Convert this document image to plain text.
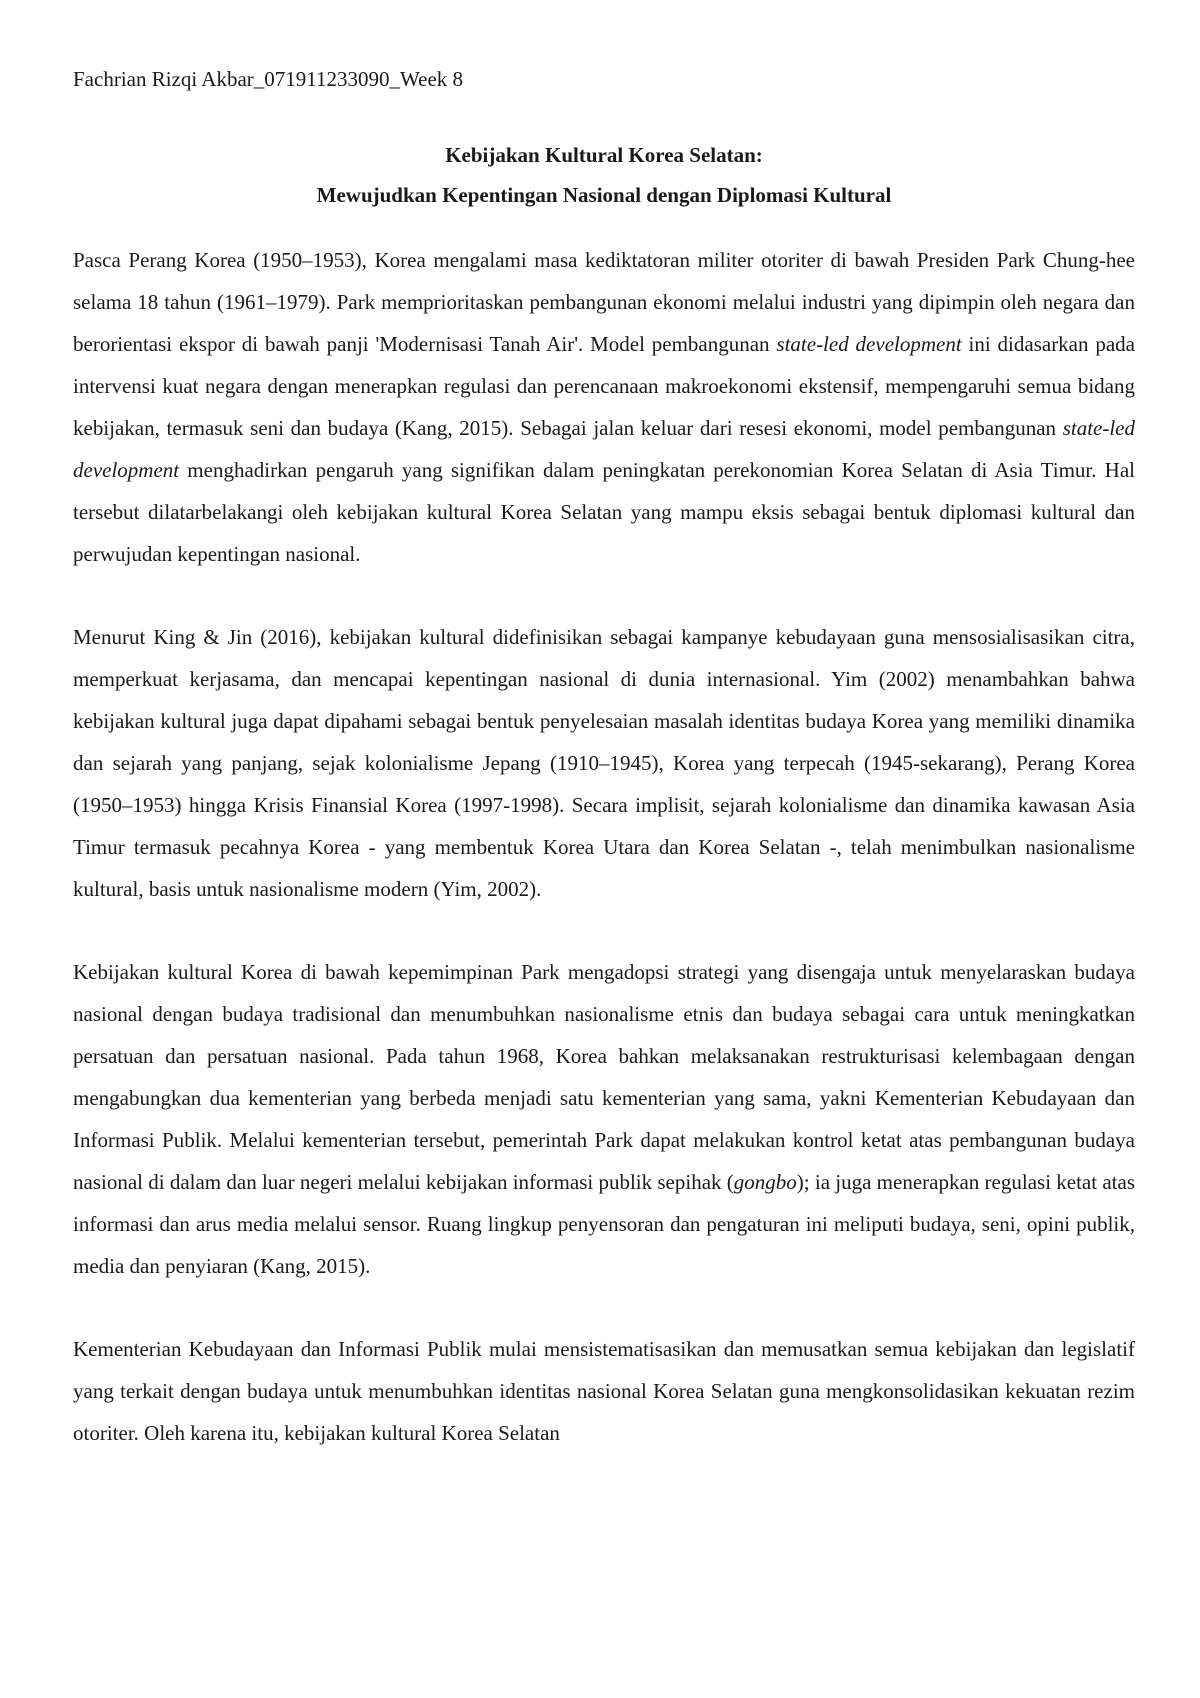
Fachrian Rizqi Akbar_071911233090_Week 8

Kebijakan Kultural Korea Selatan:
Mewujudkan Kepentingan Nasional dengan Diplomasi Kultural

Pasca Perang Korea (1950–1953), Korea mengalami masa kediktatoran militer otoriter di bawah Presiden Park Chung-hee selama 18 tahun (1961–1979). Park memprioritaskan pembangunan ekonomi melalui industri yang dipimpin oleh negara dan berorientasi ekspor di bawah panji 'Modernisasi Tanah Air'. Model pembangunan state-led development ini didasarkan pada intervensi kuat negara dengan menerapkan regulasi dan perencanaan makroekonomi ekstensif, mempengaruhi semua bidang kebijakan, termasuk seni dan budaya (Kang, 2015). Sebagai jalan keluar dari resesi ekonomi, model pembangunan state-led development menghadirkan pengaruh yang signifikan dalam peningkatan perekonomian Korea Selatan di Asia Timur. Hal tersebut dilatarbelakangi oleh kebijakan kultural Korea Selatan yang mampu eksis sebagai bentuk diplomasi kultural dan perwujudan kepentingan nasional.

Menurut King & Jin (2016), kebijakan kultural didefinisikan sebagai kampanye kebudayaan guna mensosialisasikan citra, memperkuat kerjasama, dan mencapai kepentingan nasional di dunia internasional. Yim (2002) menambahkan bahwa kebijakan kultural juga dapat dipahami sebagai bentuk penyelesaian masalah identitas budaya Korea yang memiliki dinamika dan sejarah yang panjang, sejak kolonialisme Jepang (1910–1945), Korea yang terpecah (1945-sekarang), Perang Korea (1950–1953) hingga Krisis Finansial Korea (1997-1998). Secara implisit, sejarah kolonialisme dan dinamika kawasan Asia Timur termasuk pecahnya Korea - yang membentuk Korea Utara dan Korea Selatan -, telah menimbulkan nasionalisme kultural, basis untuk nasionalisme modern (Yim, 2002).

Kebijakan kultural Korea di bawah kepemimpinan Park mengadopsi strategi yang disengaja untuk menyelaraskan budaya nasional dengan budaya tradisional dan menumbuhkan nasionalisme etnis dan budaya sebagai cara untuk meningkatkan persatuan dan persatuan nasional. Pada tahun 1968, Korea bahkan melaksanakan restrukturisasi kelembagaan dengan mengabungkan dua kementerian yang berbeda menjadi satu kementerian yang sama, yakni Kementerian Kebudayaan dan Informasi Publik. Melalui kementerian tersebut, pemerintah Park dapat melakukan kontrol ketat atas pembangunan budaya nasional di dalam dan luar negeri melalui kebijakan informasi publik sepihak (gongbo); ia juga menerapkan regulasi ketat atas informasi dan arus media melalui sensor. Ruang lingkup penyensoran dan pengaturan ini meliputi budaya, seni, opini publik, media dan penyiaran (Kang, 2015).

Kementerian Kebudayaan dan Informasi Publik mulai mensistematisasikan dan memusatkan semua kebijakan dan legislatif yang terkait dengan budaya untuk menumbuhkan identitas nasional Korea Selatan guna mengkonsolidasikan kekuatan rezim otoriter. Oleh karena itu, kebijakan kultural Korea Selatan
